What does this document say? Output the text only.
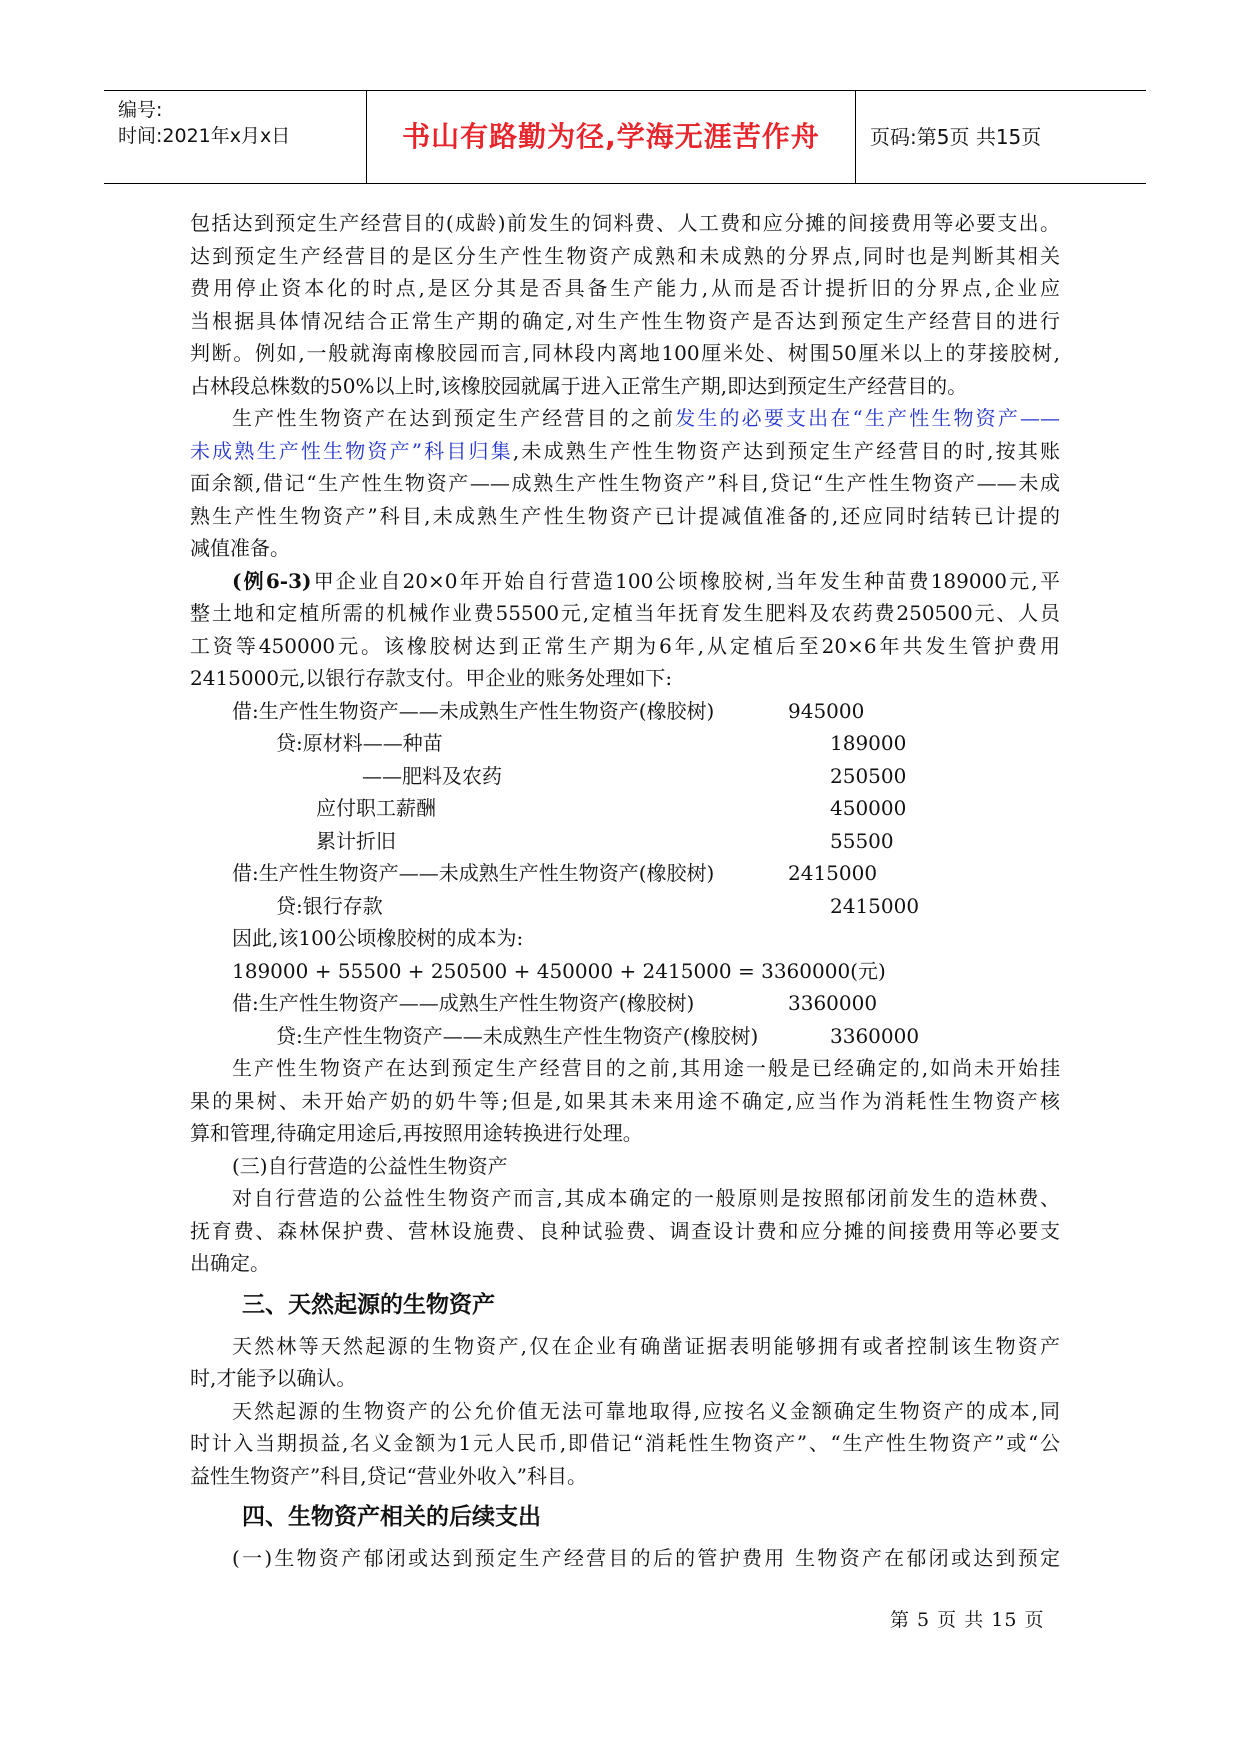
编号:
时间:2021年x月x日	书山有路勤为径,学海无涯苦作舟	页码:第5页 共15页
包括达到预定生产经营目的(成龄)前发生的饲料费、人工费和应分摊的间接费用等必要支出。
达到预定生产经营目的是区分生产性生物资产成熟和未成熟的分界点,同时也是判断其相关
费用停止资本化的时点,是区分其是否具备生产能力,从而是否计提折旧的分界点,企业应
当根据具体情况结合正常生产期的确定,对生产性生物资产是否达到预定生产经营目的进行
判断。例如,一般就海南橡胶园而言,同林段内离地100厘米处、树围50厘米以上的芽接胶树,
占林段总株数的50%以上时,该橡胶园就属于进入正常生产期,即达到预定生产经营目的。
生产性生物资产在达到预定生产经营目的之前发生的必要支出在“生产性生物资产——
未成熟生产性生物资产”科目归集,未成熟生产性生物资产达到预定生产经营目的时,按其账
面余额,借记“生产性生物资产——成熟生产性生物资产”科目,贷记“生产性生物资产——未成
熟生产性生物资产”科目,未成熟生产性生物资产已计提减值准备的,还应同时结转已计提的
减值准备。
(例6-3)甲企业自20×0年开始自行营造100公顷橡胶树,当年发生种苗费189000元,平
整土地和定植所需的机械作业费55500元,定植当年抚育发生肥料及农药费250500元、人员
工资等450000元。该橡胶树达到正常生产期为6年,从定植后至20×6年共发生管护费用
2415000元,以银行存款支付。甲企业的账务处理如下:
借:生产性生物资产——未成熟生产性生物资产(橡胶树)	945000
贷:原材料——种苗	189000
——肥料及农药	250500
应付职工薪酬	450000
累计折旧	55500
借:生产性生物资产——未成熟生产性生物资产(橡胶树)	2415000
贷:银行存款	2415000
因此,该100公顷橡胶树的成本为:
189000 + 55500 + 250500 + 450000 + 2415000 = 3360000(元)
借:生产性生物资产——成熟生产性生物资产(橡胶树)	3360000
贷:生产性生物资产——未成熟生产性生物资产(橡胶树)	3360000
生产性生物资产在达到预定生产经营目的之前,其用途一般是已经确定的,如尚未开始挂
果的果树、未开始产奶的奶牛等;但是,如果其未来用途不确定,应当作为消耗性生物资产核
算和管理,待确定用途后,再按照用途转换进行处理。
(三)自行营造的公益性生物资产
对自行营造的公益性生物资产而言,其成本确定的一般原则是按照郁闭前发生的造林费、
抚育费、森林保护费、营林设施费、良种试验费、调查设计费和应分摊的间接费用等必要支
出确定。
三、天然起源的生物资产
天然林等天然起源的生物资产,仅在企业有确凿证据表明能够拥有或者控制该生物资产
时,才能予以确认。
天然起源的生物资产的公允价值无法可靠地取得,应按名义金额确定生物资产的成本,同
时计入当期损益,名义金额为1元人民币,即借记“消耗性生物资产”、“生产性生物资产”或“公
益性生物资产”科目,贷记“营业外收入”科目。
四、生物资产相关的后续支出
(一)生物资产郁闭或达到预定生产经营目的后的管护费用 生物资产在郁闭或达到预定
第 5 页 共 15 页
